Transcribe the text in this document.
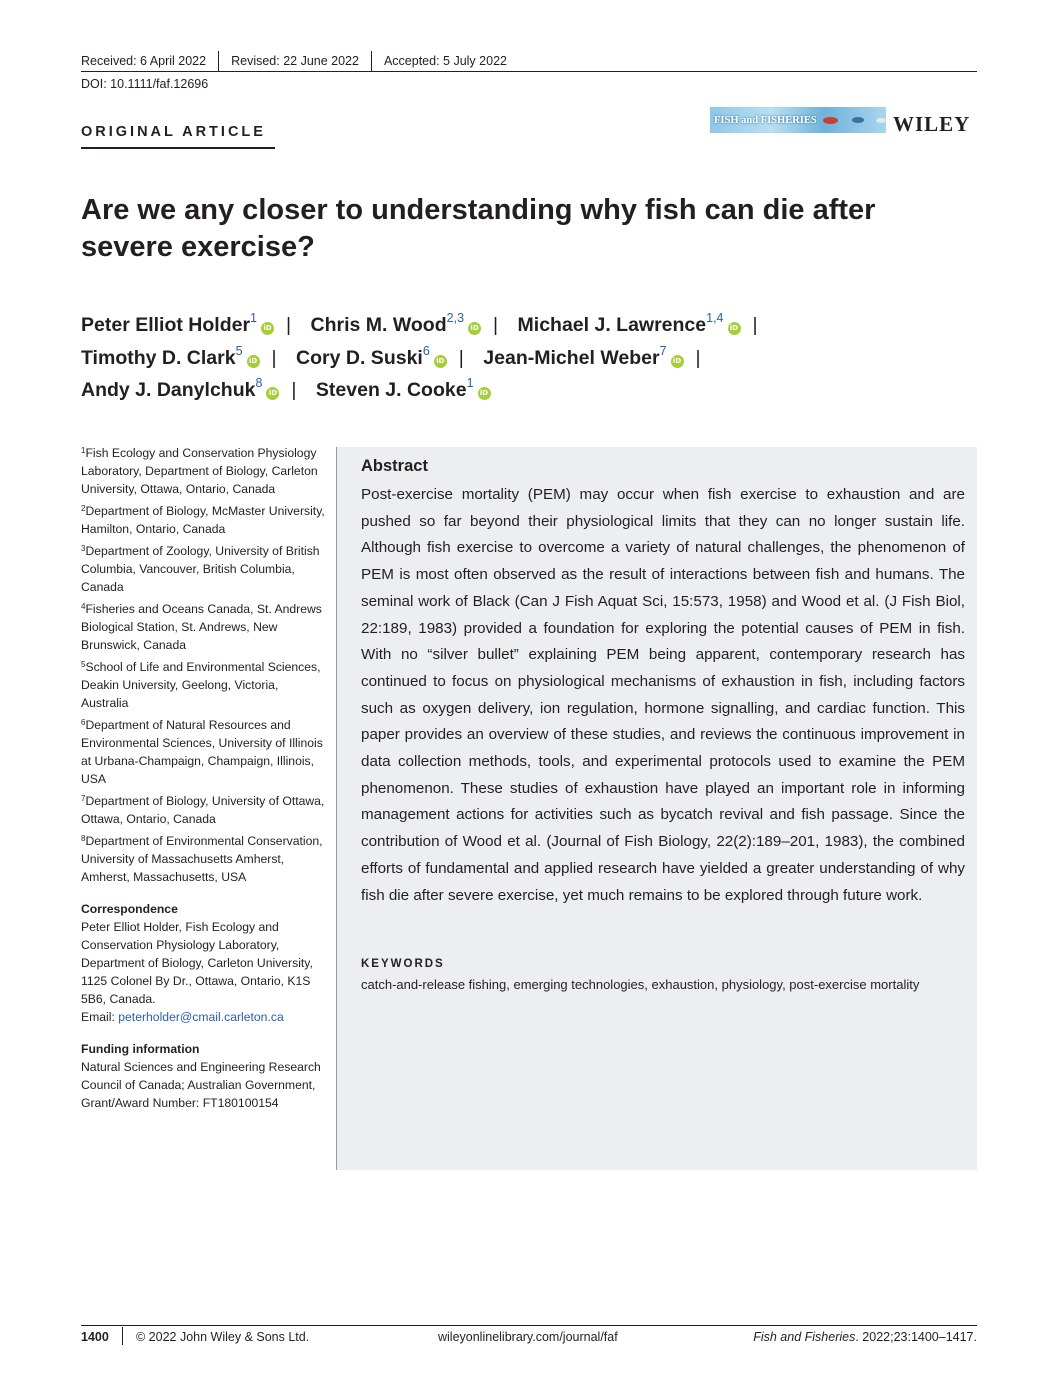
Received: 6 April 2022 Revised: 22 June 2022 Accepted: 5 July 2022
DOI: 10.1111/faf.12696
ORIGINAL ARTICLE
FISH and FISHERIES	WILEY
Are we any closer to understanding why fish can die after severe exercise?
Peter Elliot Holder$^1$iD | Chris M. Wood$^{2,3}$iD | Michael J. Lawrence$^{1,4}$iD |
Timothy D. Clark$^5$iD | Cory D. Suski$^6$iD | Jean-Michel Weber$^7$iD |
Andy J. Danylchuk$^8$iD | Steven J. Cooke$^1$iD
$^1$Fish Ecology and Conservation Physiology Laboratory, Department of Biology, Carleton University, Ottawa, Ontario, Canada
$^2$Department of Biology, McMaster University, Hamilton, Ontario, Canada
$^3$Department of Zoology, University of British Columbia, Vancouver, British Columbia, Canada
$^4$Fisheries and Oceans Canada, St. Andrews Biological Station, St. Andrews, New Brunswick, Canada
$^5$School of Life and Environmental Sciences, Deakin University, Geelong, Victoria, Australia
$^6$Department of Natural Resources and Environmental Sciences, University of Illinois at Urbana-Champaign, Champaign, Illinois, USA
$^7$Department of Biology, University of Ottawa, Ottawa, Ontario, Canada
$^8$Department of Environmental Conservation, University of Massachusetts Amherst, Amherst, Massachusetts, USA
Correspondence
Peter Elliot Holder, Fish Ecology and Conservation Physiology Laboratory, Department of Biology, Carleton University, 1125 Colonel By Dr., Ottawa, Ontario, K1S 5B6, Canada.
Email: peterholder@cmail.carleton.ca
Funding information
Natural Sciences and Engineering Research Council of Canada; Australian Government, Grant/Award Number: FT180100154
Abstract
Post-exercise mortality (PEM) may occur when fish exercise to exhaustion and are pushed so far beyond their physiological limits that they can no longer sustain life. Although fish exercise to overcome a variety of natural challenges, the phenomenon of PEM is most often observed as the result of interactions between fish and humans. The seminal work of Black (Can J Fish Aquat Sci, 15:573, 1958) and Wood et al. (J Fish Biol, 22:189, 1983) provided a foundation for exploring the potential causes of PEM in fish. With no “silver bullet” explaining PEM being apparent, contemporary research has continued to focus on physiological mechanisms of exhaustion in fish, including factors such as oxygen delivery, ion regulation, hormone signalling, and cardiac function. This paper provides an overview of these studies, and reviews the continuous improvement in data collection methods, tools, and experimental protocols used to examine the PEM phenomenon. These studies of exhaustion have played an important role in informing management actions for activities such as bycatch revival and fish passage. Since the contribution of Wood et al. (Journal of Fish Biology, 22(2):189–201, 1983), the combined efforts of fundamental and applied research have yielded a greater understanding of why fish die after severe exercise, yet much remains to be explored through future work.
KEYWORDS
catch-and-release fishing, emerging technologies, exhaustion, physiology, post-exercise mortality
1400 © 2022 John Wiley & Sons Ltd.	wileyonlinelibrary.com/journal/faf	Fish and Fisheries. 2022;23:1400–1417.
